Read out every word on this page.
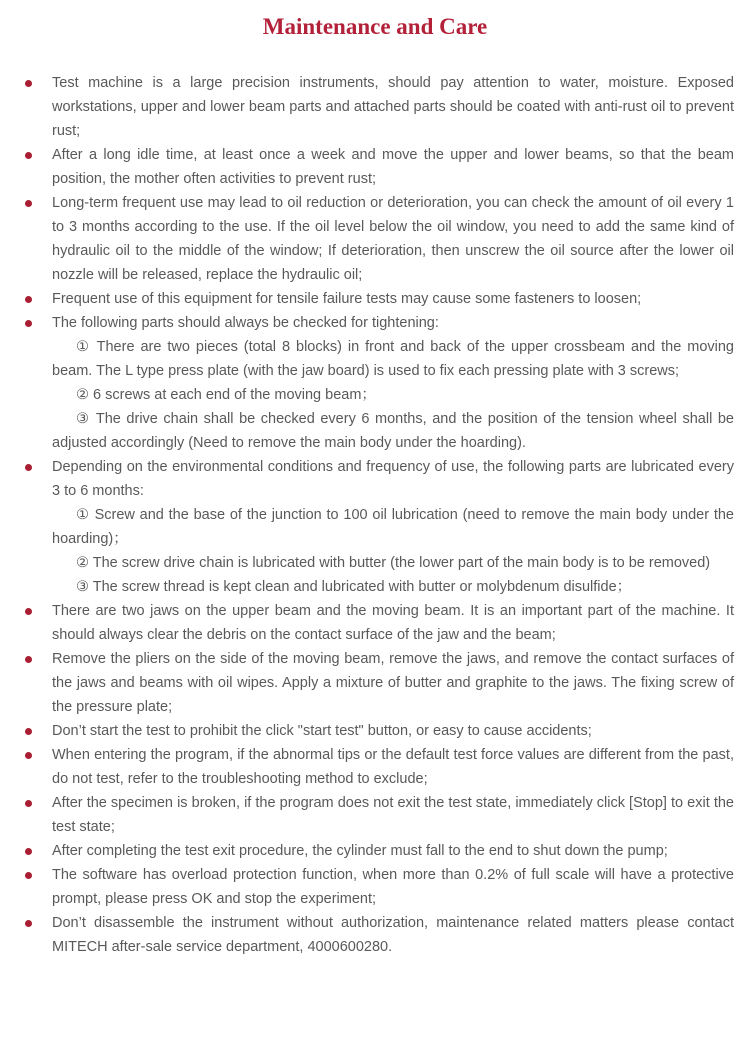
Maintenance and Care
Test machine is a large precision instruments, should pay attention to water, moisture. Exposed workstations, upper and lower beam parts and attached parts should be coated with anti-rust oil to prevent rust;
After a long idle time, at least once a week and move the upper and lower beams, so that the beam position, the mother often activities to prevent rust;
Long-term frequent use may lead to oil reduction or deterioration, you can check the amount of oil every 1 to 3 months according to the use. If the oil level below the oil window, you need to add the same kind of hydraulic oil to the middle of the window; If deterioration, then unscrew the oil source after the lower oil nozzle will be released, replace the hydraulic oil;
Frequent use of this equipment for tensile failure tests may cause some fasteners to loosen;
The following parts should always be checked for tightening:
① There are two pieces (total 8 blocks) in front and back of the upper crossbeam and the moving beam. The L type press plate (with the jaw board) is used to fix each pressing plate with 3 screws;
② 6 screws at each end of the moving beam；
③ The drive chain shall be checked every 6 months, and the position of the tension wheel shall be adjusted accordingly (Need to remove the main body under the hoarding).
Depending on the environmental conditions and frequency of use, the following parts are lubricated every 3 to 6 months:
① Screw and the base of the junction to 100 oil lubrication (need to remove the main body under the hoarding)；
② The screw drive chain is lubricated with butter (the lower part of the main body is to be removed)
③ The screw thread is kept clean and lubricated with butter or molybdenum disulfide；
There are two jaws on the upper beam and the moving beam. It is an important part of the machine. It should always clear the debris on the contact surface of the jaw and the beam;
Remove the pliers on the side of the moving beam, remove the jaws, and remove the contact surfaces of the jaws and beams with oil wipes. Apply a mixture of butter and graphite to the jaws. The fixing screw of the pressure plate;
Don’t start the test to prohibit the click "start test" button, or easy to cause accidents;
When entering the program, if the abnormal tips or the default test force values are different from the past, do not test, refer to the troubleshooting method to exclude;
After the specimen is broken, if the program does not exit the test state, immediately click [Stop] to exit the test state;
After completing the test exit procedure, the cylinder must fall to the end to shut down the pump;
The software has overload protection function, when more than 0.2% of full scale will have a protective prompt, please press OK and stop the experiment;
Don’t disassemble the instrument without authorization, maintenance related matters please contact MITECH after-sale service department, 4000600280.
